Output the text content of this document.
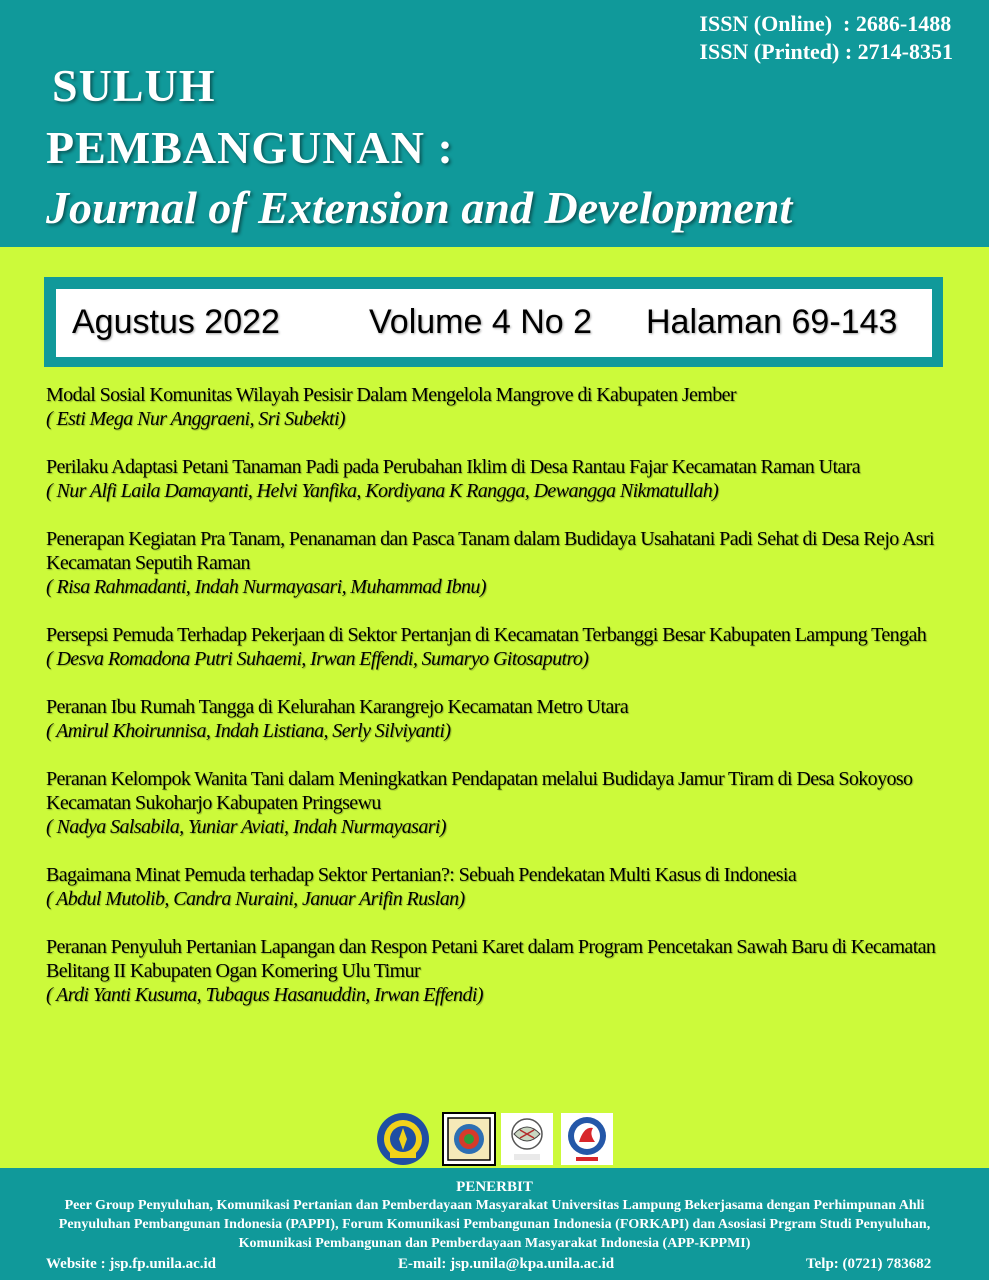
ISSN (Online)  : 2686-1488
ISSN (Printed) : 2714-8351
SULUH
PEMBANGUNAN :
Journal of Extension and Development
Agustus 2022	Volume 4 No 2 Halaman 69-143
Modal Sosial Komunitas Wilayah Pesisir Dalam Mengelola Mangrove di Kabupaten Jember
( Esti Mega Nur Anggraeni, Sri Subekti)
Perilaku Adaptasi Petani Tanaman Padi pada Perubahan Iklim di Desa Rantau Fajar Kecamatan Raman Utara
( Nur Alfi Laila Damayanti, Helvi Yanfika, Kordiyana K Rangga, Dewangga Nikmatullah)
Penerapan Kegiatan Pra Tanam, Penanaman dan Pasca Tanam dalam Budidaya Usahatani Padi Sehat di Desa Rejo Asri Kecamatan Seputih Raman
( Risa Rahmadanti, Indah Nurmayasari, Muhammad Ibnu)
Persepsi Pemuda Terhadap Pekerjaan di Sektor Pertanjan di Kecamatan Terbanggi Besar Kabupaten Lampung Tengah
( Desva Romadona Putri Suhaemi, Irwan Effendi, Sumaryo Gitosaputro)
Peranan Ibu Rumah Tangga di Kelurahan Karangrejo Kecamatan Metro Utara
( Amirul Khoirunnisa, Indah Listiana, Serly Silviyanti)
Peranan Kelompok Wanita Tani dalam Meningkatkan Pendapatan melalui Budidaya Jamur Tiram di Desa Sokoyoso Kecamatan Sukoharjo Kabupaten Pringsewu
( Nadya Salsabila, Yuniar Aviati, Indah Nurmayasari)
Bagaimana Minat Pemuda terhadap Sektor Pertanian?: Sebuah Pendekatan Multi Kasus di Indonesia
( Abdul Mutolib, Candra Nuraini, Januar Arifin Ruslan)
Peranan Penyuluh Pertanian Lapangan dan Respon Petani Karet dalam Program Pencetakan Sawah Baru di Kecamatan Belitang II Kabupaten Ogan Komering Ulu Timur
( Ardi Yanti Kusuma, Tubagus Hasanuddin, Irwan Effendi)
PENERBIT
Peer Group Penyuluhan, Komunikasi Pertanian dan Pemberdayaan Masyarakat Universitas Lampung Bekerjasama dengan Perhimpunan Ahli Penyuluhan Pembangunan Indonesia (PAPPI), Forum Komunikasi Pembangunan Indonesia (FORKAPI) dan Asosiasi Prgram Studi Penyuluhan, Komunikasi Pembangunan dan Pemberdayaan Masyarakat Indonesia (APP-KPPMI)
Website : jsp.fp.unila.ac.id	E-mail: jsp.unila@kpa.unila.ac.id	Telp: (0721) 783682
